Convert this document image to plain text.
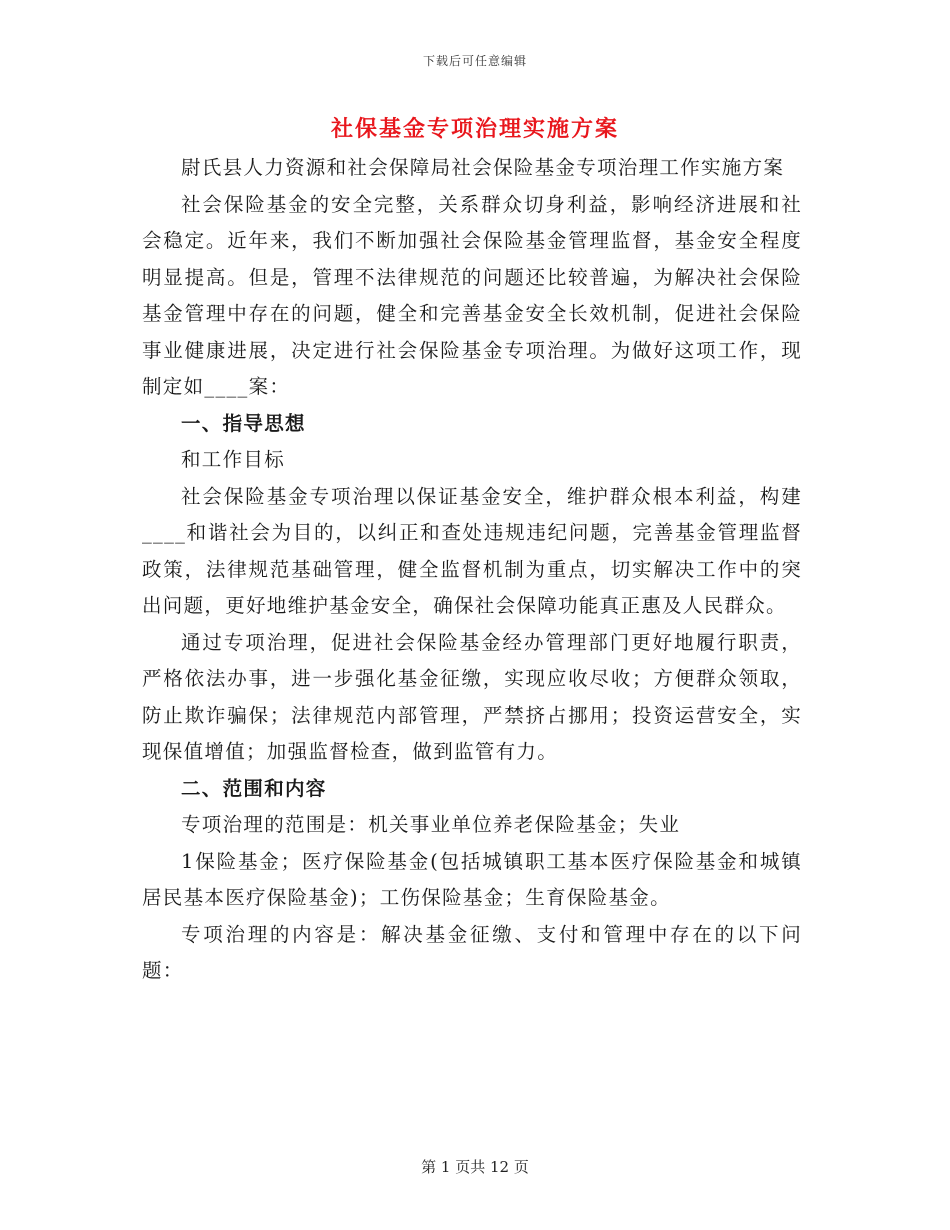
下载后可任意编辑
社保基金专项治理实施方案

尉氏县人力资源和社会保障局社会保险基金专项治理工作实施方案

社会保险基金的安全完整，关系群众切身利益，影响经济进展和社会稳定。近年来，我们不断加强社会保险基金管理监督，基金安全程度明显提高。但是，管理不法律规范的问题还比较普遍，为解决社会保险基金管理中存在的问题，健全和完善基金安全长效机制，促进社会保险事业健康进展，决定进行社会保险基金专项治理。为做好这项工作，现制定如____案：

一、指导思想

和工作目标

社会保险基金专项治理以保证基金安全，维护群众根本利益，构建____和谐社会为目的，以纠正和查处违规违纪问题，完善基金管理监督政策，法律规范基础管理，健全监督机制为重点，切实解决工作中的突出问题，更好地维护基金安全，确保社会保障功能真正惠及人民群众。

通过专项治理，促进社会保险基金经办管理部门更好地履行职责，严格依法办事，进一步强化基金征缴，实现应收尽收；方便群众领取，防止欺诈骗保；法律规范内部管理，严禁挤占挪用；投资运营安全，实现保值增值；加强监督检查，做到监管有力。

二、范围和内容

专项治理的范围是：机关事业单位养老保险基金；失业

1保险基金；医疗保险基金(包括城镇职工基本医疗保险基金和城镇居民基本医疗保险基金)；工伤保险基金；生育保险基金。

专项治理的内容是：解决基金征缴、支付和管理中存在的以下问题：

第 1 页共 12 页
